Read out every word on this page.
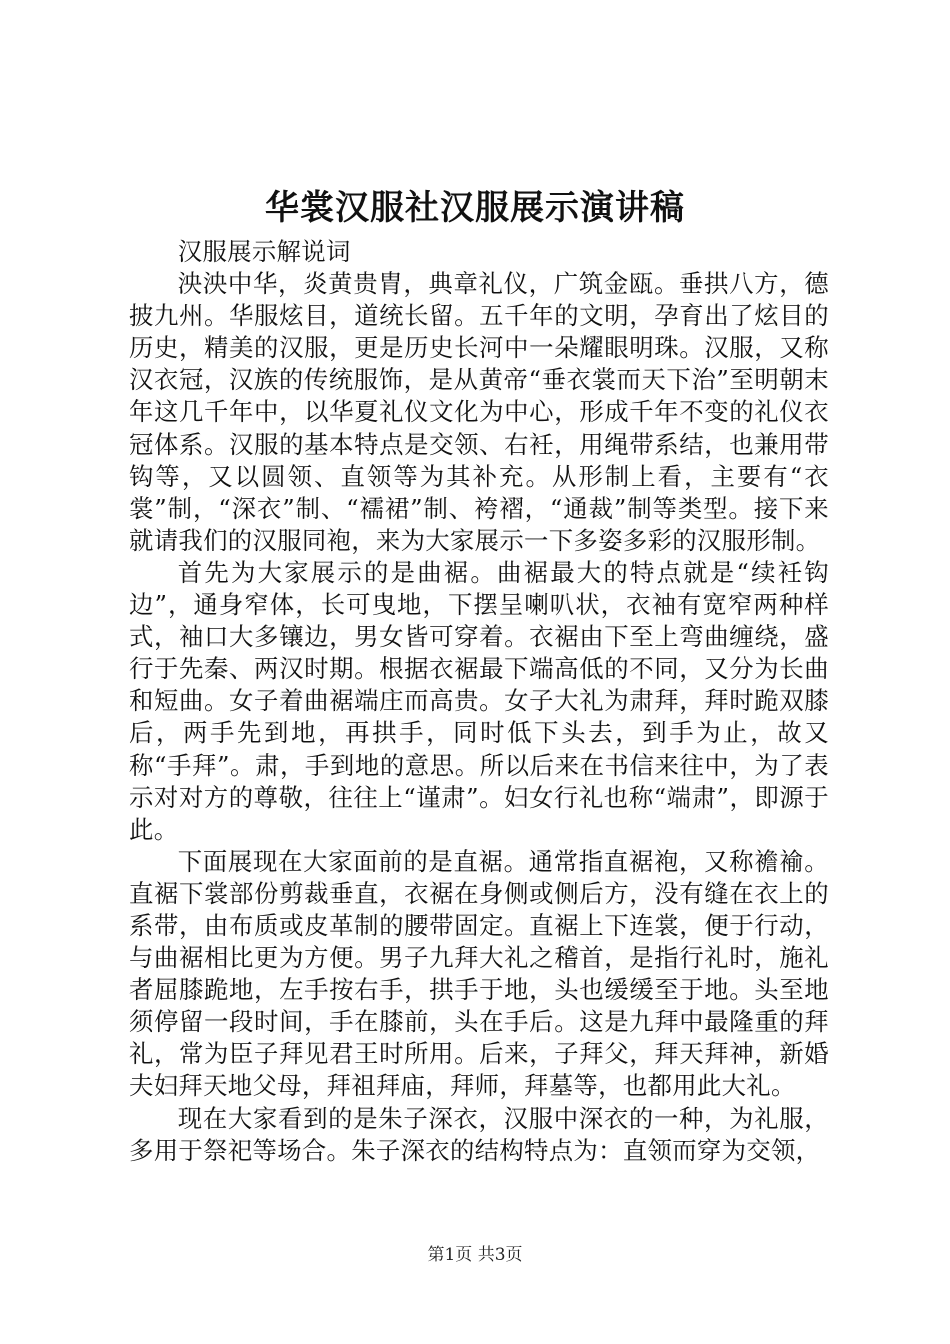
华裳汉服社汉服展示演讲稿

汉服展示解说词

泱泱中华，炎黄贵胄，典章礼仪，广筑金瓯。垂拱八方，德披九州。华服炫目，道统长留。五千年的文明，孕育出了炫目的历史，精美的汉服，更是历史长河中一朵耀眼明珠。汉服，又称汉衣冠，汉族的传统服饰，是从黄帝“垂衣裳而天下治”至明朝末年这几千年中，以华夏礼仪文化为中心，形成千年不变的礼仪衣冠体系。汉服的基本特点是交领、右衽，用绳带系结，也兼用带钩等，又以圆领、直领等为其补充。从形制上看，主要有“衣裳”制，“深衣”制、“襦裙”制、袴褶，“通裁”制等类型。接下来就请我们的汉服同袍，来为大家展示一下多姿多彩的汉服形制。

首先为大家展示的是曲裾。曲裾最大的特点就是“续衽钩边”，通身窄体，长可曳地，下摆呈喇叭状，衣袖有宽窄两种样式，袖口大多镶边，男女皆可穿着。衣裾由下至上弯曲缠绕，盛行于先秦、两汉时期。根据衣裾最下端高低的不同，又分为长曲和短曲。女子着曲裾端庄而高贵。女子大礼为肃拜，拜时跪双膝后，两手先到地，再拱手，同时低下头去，到手为止，故又称“手拜”。肃，手到地的意思。所以后来在书信来往中，为了表示对对方的尊敬，往往上“谨肃”。妇女行礼也称“端肃”，即源于此。

下面展现在大家面前的是直裾。通常指直裾袍，又称襜褕。直裾下裳部份剪裁垂直，衣裾在身侧或侧后方，没有缝在衣上的系带，由布质或皮革制的腰带固定。直裾上下连裳，便于行动，与曲裾相比更为方便。男子九拜大礼之稽首，是指行礼时，施礼者屈膝跪地，左手按右手，拱手于地，头也缓缓至于地。头至地须停留一段时间，手在膝前，头在手后。这是九拜中最隆重的拜礼，常为臣子拜见君王时所用。后来，子拜父，拜天拜神，新婚夫妇拜天地父母，拜祖拜庙，拜师，拜墓等，也都用此大礼。

现在大家看到的是朱子深衣，汉服中深衣的一种，为礼服，多用于祭祀等场合。朱子深衣的结构特点为：直领而穿为交领，

第1页 共3页
